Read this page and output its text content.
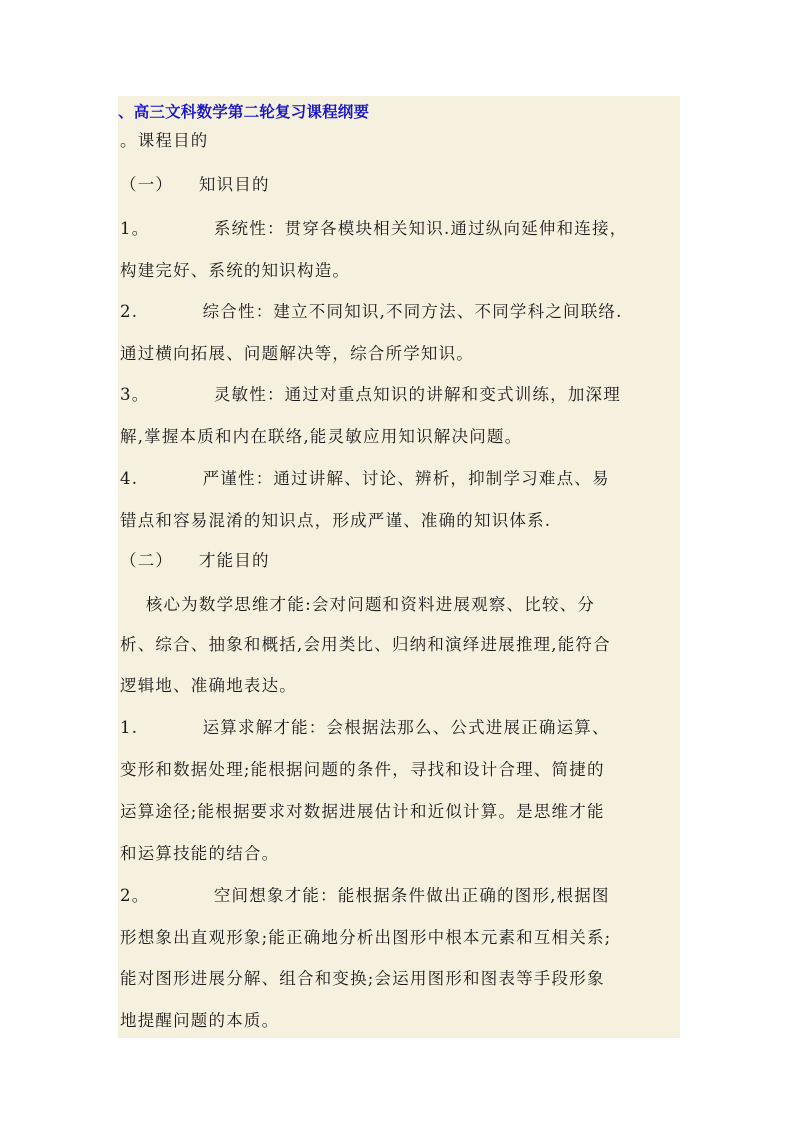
、高三文科数学第二轮复习课程纲要
。课程目的
（一）    知识目的
1。          系统性：贯穿各模块相关知识.通过纵向延伸和连接，
构建完好、系统的知识构造。
2.          综合性：建立不同知识,不同方法、不同学科之间联络.
通过横向拓展、问题解决等，综合所学知识。
3。          灵敏性：通过对重点知识的讲解和变式训练，加深理
解,掌握本质和内在联络,能灵敏应用知识解决问题。
4.          严谨性：通过讲解、讨论、辨析，抑制学习难点、易
错点和容易混淆的知识点，形成严谨、准确的知识体系.
（二）    才能目的
核心为数学思维才能:会对问题和资料进展观察、比较、分
析、综合、抽象和概括,会用类比、归纳和演绎进展推理,能符合
逻辑地、准确地表达。
1.          运算求解才能：会根据法那么、公式进展正确运算、
变形和数据处理;能根据问题的条件，寻找和设计合理、简捷的
运算途径;能根据要求对数据进展估计和近似计算。是思维才能
和运算技能的结合。
2。          空间想象才能：能根据条件做出正确的图形,根据图
形想象出直观形象;能正确地分析出图形中根本元素和互相关系;
能对图形进展分解、组合和变换;会运用图形和图表等手段形象
地提醒问题的本质。
